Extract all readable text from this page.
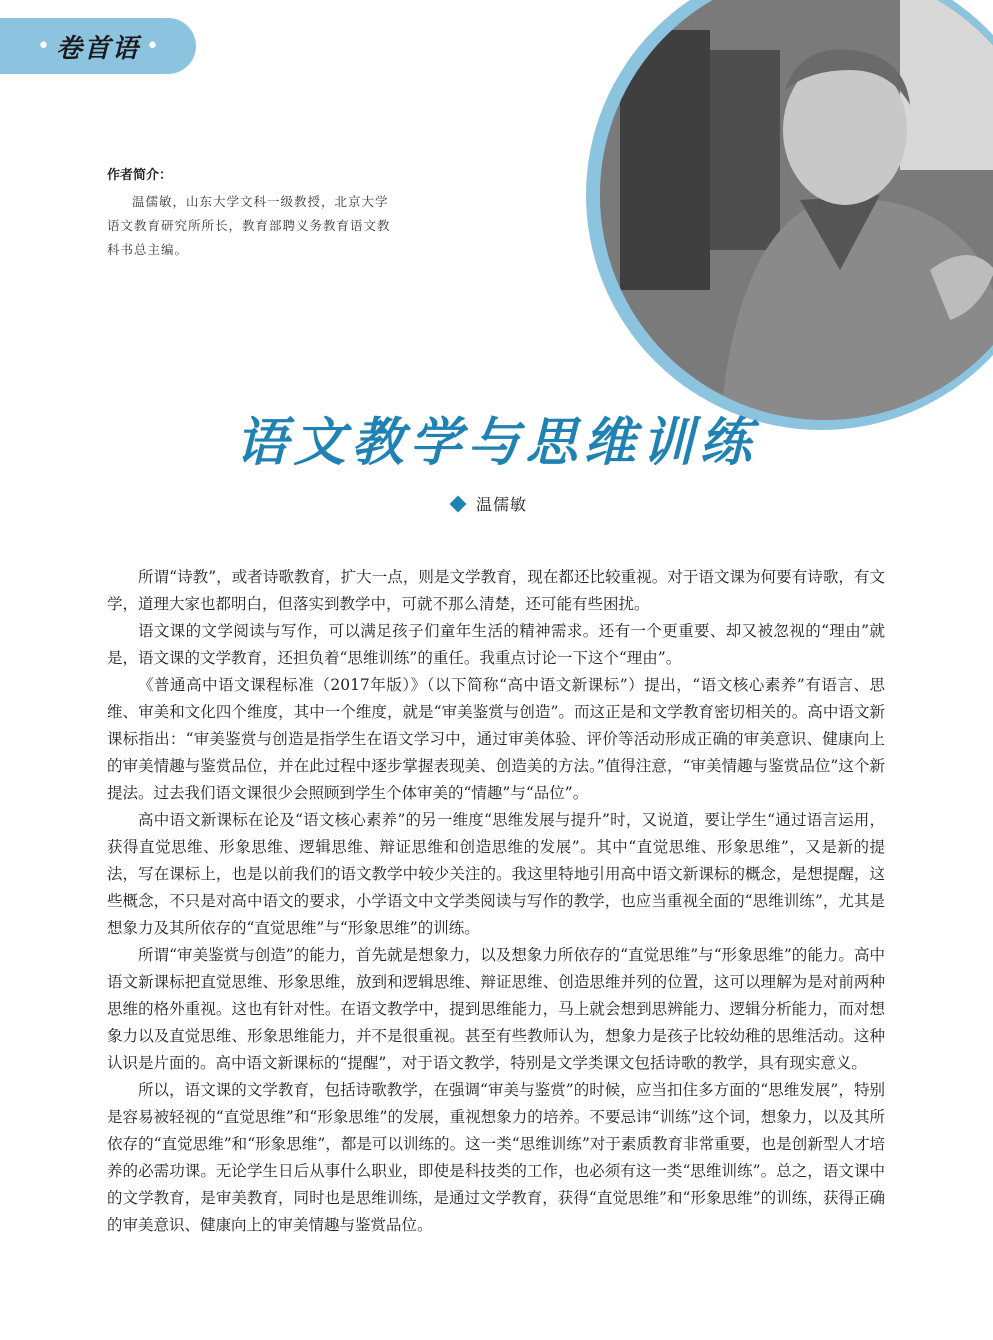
• 卷首语 •
作者简介：
温儒敏，山东大学文科一级教授，北京大学语文教育研究所所长，教育部聘义务教育语文教科书总主编。
语文教学与思维训练
温儒敏

所谓“诗教”，或者诗歌教育，扩大一点，则是文学教育，现在都还比较重视。对于语文课为何要有诗歌，有文学，道理大家也都明白，但落实到教学中，可就不那么清楚，还可能有些困扰。

语文课的文学阅读与写作，可以满足孩子们童年生活的精神需求。还有一个更重要、却又被忽视的“理由”就是，语文课的文学教育，还担负着“思维训练”的重任。我重点讨论一下这个“理由”。

《普通高中语文课程标准（2017年版）》（以下简称“高中语文新课标”）提出，“语文核心素养”有语言、思维、审美和文化四个维度，其中一个维度，就是“审美鉴赏与创造”。而这正是和文学教育密切相关的。高中语文新课标指出：“审美鉴赏与创造是指学生在语文学习中，通过审美体验、评价等活动形成正确的审美意识、健康向上的审美情趣与鉴赏品位，并在此过程中逐步掌握表现美、创造美的方法。”值得注意，“审美情趣与鉴赏品位”这个新提法。过去我们语文课很少会照顾到学生个体审美的“情趣”与“品位”。

高中语文新课标在论及“语文核心素养”的另一维度“思维发展与提升”时，又说道，要让学生“通过语言运用，获得直觉思维、形象思维、逻辑思维、辩证思维和创造思维的发展”。其中“直觉思维、形象思维”，又是新的提法，写在课标上，也是以前我们的语文教学中较少关注的。我这里特地引用高中语文新课标的概念，是想提醒，这些概念，不只是对高中语文的要求，小学语文中文学类阅读与写作的教学，也应当重视全面的“思维训练”，尤其是想象力及其所依存的“直觉思维”与“形象思维”的训练。

所谓“审美鉴赏与创造”的能力，首先就是想象力，以及想象力所依存的“直觉思维”与“形象思维”的能力。高中语文新课标把直觉思维、形象思维，放到和逻辑思维、辩证思维、创造思维并列的位置，这可以理解为是对前两种思维的格外重视。这也有针对性。在语文教学中，提到思维能力，马上就会想到思辨能力、逻辑分析能力，而对想象力以及直觉思维、形象思维能力，并不是很重视。甚至有些教师认为，想象力是孩子比较幼稚的思维活动。这种认识是片面的。高中语文新课标的“提醒”，对于语文教学，特别是文学类课文包括诗歌的教学，具有现实意义。

所以，语文课的文学教育，包括诗歌教学，在强调“审美与鉴赏”的时候，应当扣住多方面的“思维发展”，特别是容易被轻视的“直觉思维”和“形象思维”的发展，重视想象力的培养。不要忌讳“训练”这个词，想象力，以及其所依存的“直觉思维”和“形象思维”，都是可以训练的。这一类“思维训练”对于素质教育非常重要，也是创新型人才培养的必需功课。无论学生日后从事什么职业，即使是科技类的工作，也必须有这一类“思维训练”。总之，语文课中的文学教育，是审美教育，同时也是思维训练，是通过文学教育，获得“直觉思维”和“形象思维”的训练，获得正确的审美意识、健康向上的审美情趣与鉴赏品位。
